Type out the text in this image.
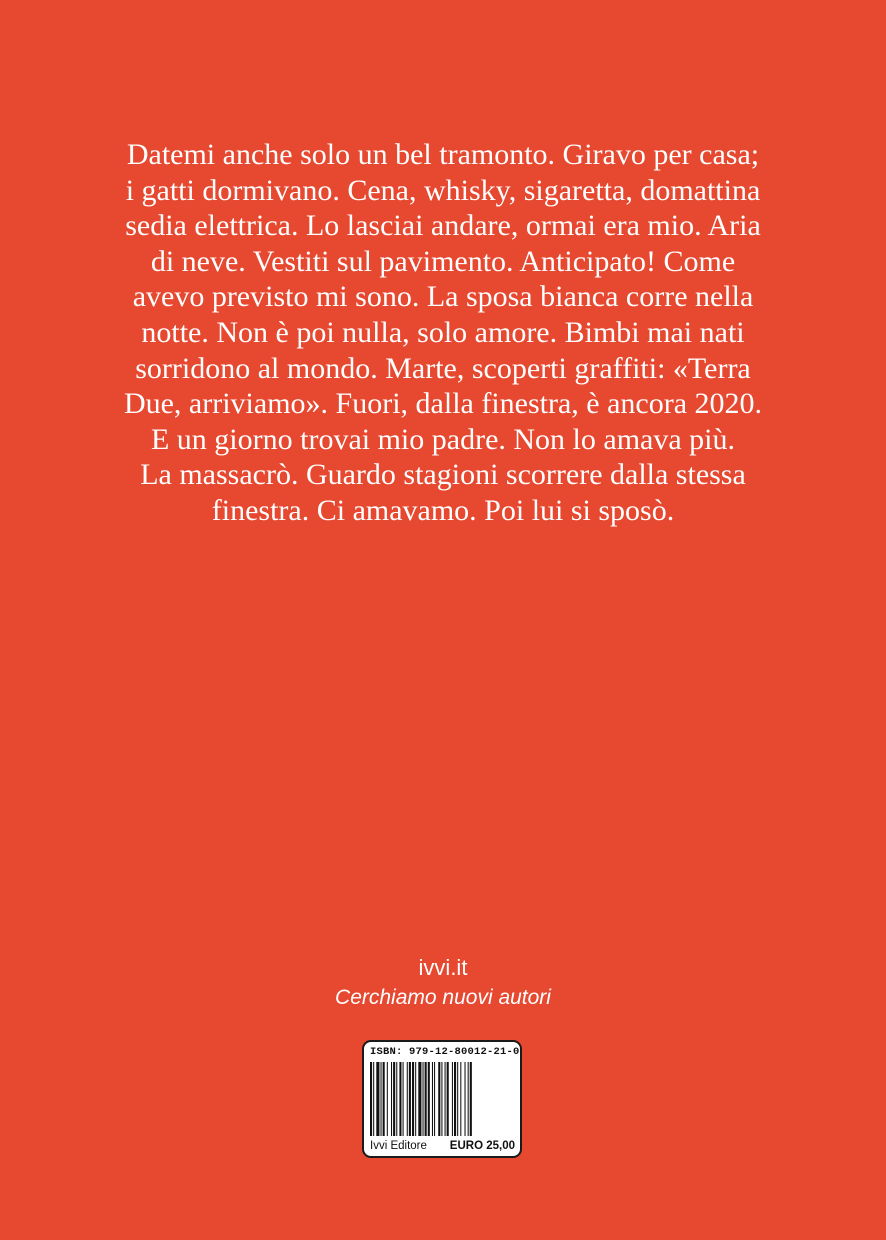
Datemi anche solo un bel tramonto. Giravo per casa;
i gatti dormivano. Cena, whisky, sigaretta, domattina
sedia elettrica. Lo lasciai andare, ormai era mio. Aria
di neve. Vestiti sul pavimento. Anticipato! Come
avevo previsto mi sono. La sposa bianca corre nella
notte. Non è poi nulla, solo amore. Bimbi mai nati
sorridono al mondo. Marte, scoperti graffiti: «Terra
Due, arriviamo». Fuori, dalla finestra, è ancora 2020.
E un giorno trovai mio padre. Non lo amava più.
La massacrò. Guardo stagioni scorrere dalla stessa
finestra. Ci amavamo. Poi lui si sposò.
ivvi.it
Cerchiamo nuovi autori
ISBN: 979-12-80012-21-0
Ivvi Editore EURO 25,00
